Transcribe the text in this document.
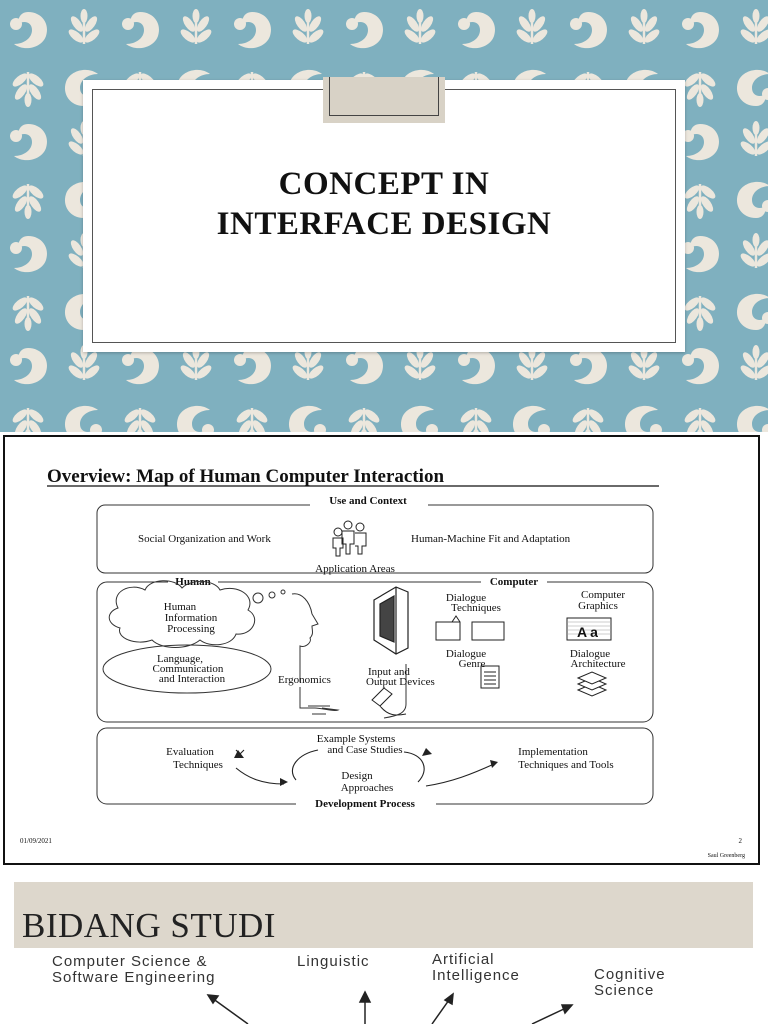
CONCEPT IN
INTERFACE DESIGN
Overview: Map of Human Computer Interaction
Use and Context
Social Organization and Work	Human-Machine Fit and Adaptation
Application Areas
Human	Computer
Human
Information
Processing
Language,
Communication
and Interaction	Ergonomics
Dialogue
Techniques
Dialogue
Genre
Input and
Output Devices
Computer
Graphics
Aa
Dialogue
Architecture
Development Process
Example Systems
and Case Studies
Evaluation
Techniques
Implementation
Techniques and Tools
Design
Approaches
01/09/2021	2
Saul Greenberg
BIDANG STUDI
Computer Science &
Software Engineering
Linguistic	Artificial
Intelligence	Cognitive
Science
